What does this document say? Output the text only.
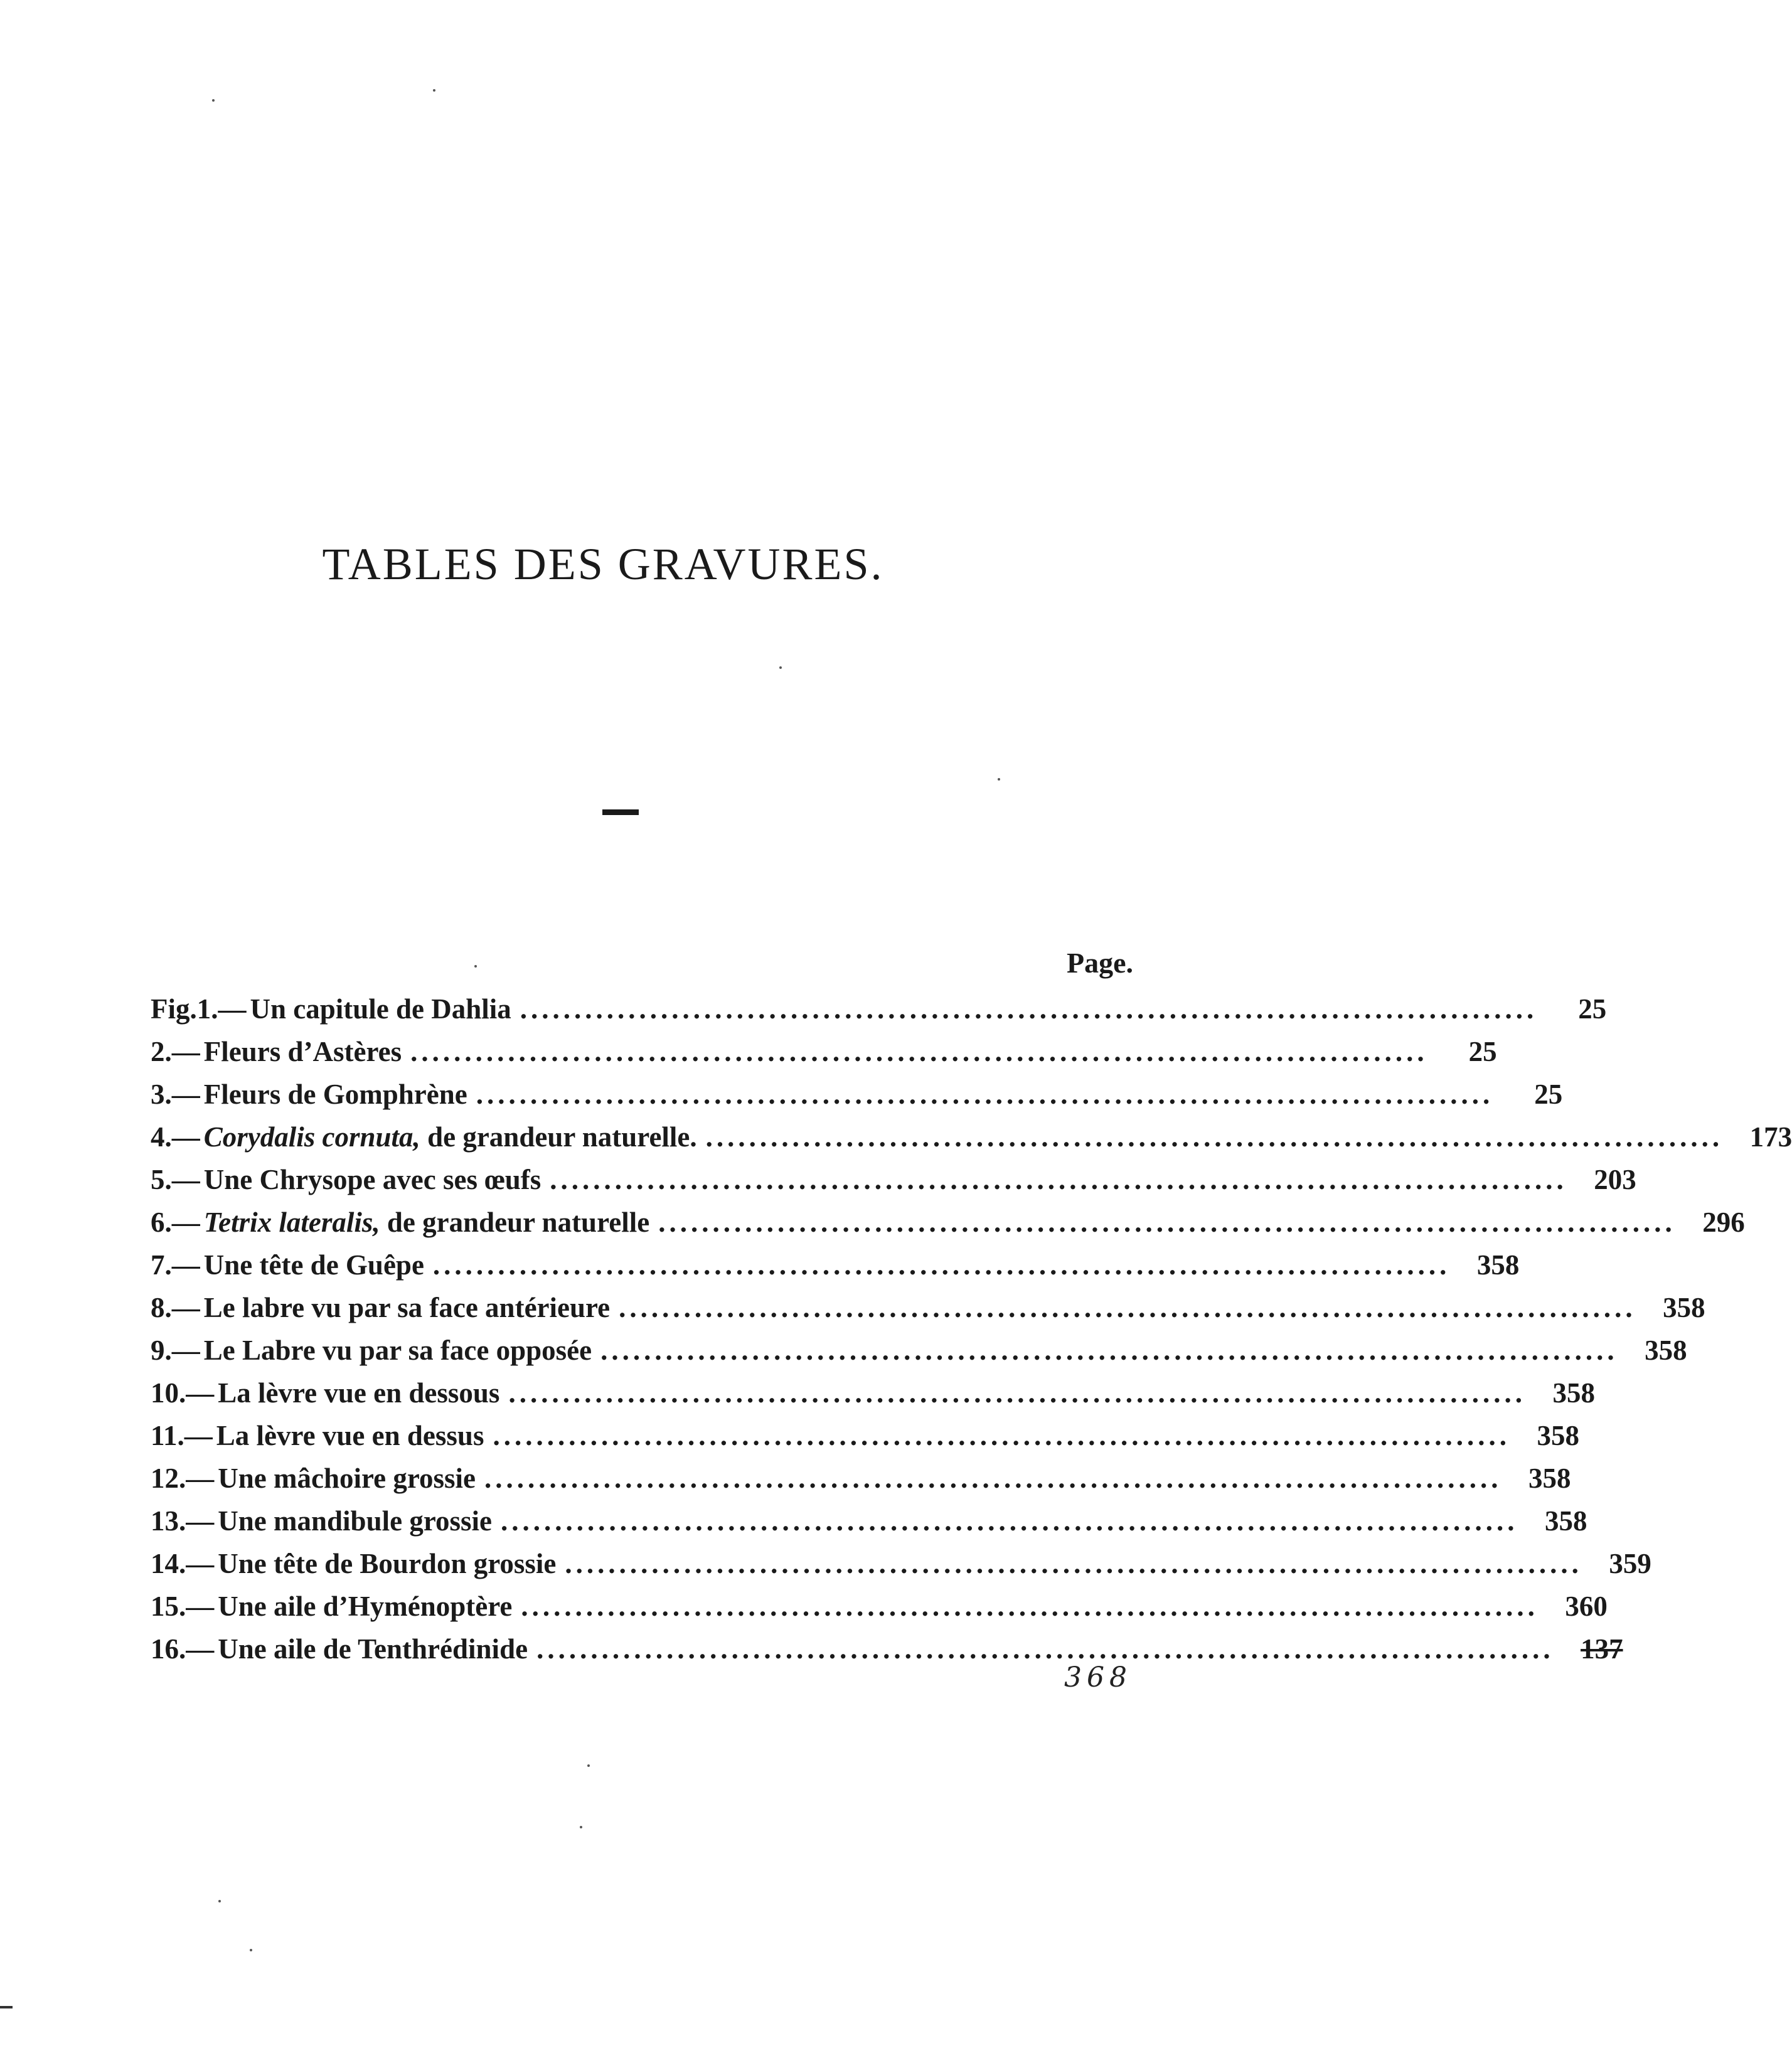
TABLES DES GRAVURES.
Page.
Fig. 1. — Un capitule de Dahlia ..............................................................................................	25
2. — Fleurs d’Astères ..............................................................................................	25
3. — Fleurs de Gomphrène ..............................................................................................	25
4. — Corydalis cornuta, de grandeur naturelle. .............................................................................................. 173
5. — Une Chrysope avec ses œufs .............................................................................................. 203
6. — Tetrix lateralis, de grandeur naturelle .............................................................................................. 296
7. — Une tête de Guêpe .............................................................................................. 358
8. — Le labre vu par sa face antérieure .............................................................................................. 358
9. — Le Labre vu par sa face opposée .............................................................................................. 358
10. — La lèvre vue en dessous .............................................................................................. 358
11. — La lèvre vue en dessus .............................................................................................. 358
12. — Une mâchoire grossie .............................................................................................. 358
13. — Une mandibule grossie .............................................................................................. 358
14. — Une tête de Bourdon grossie .............................................................................................. 359
15. — Une aile d’Hyménoptère .............................................................................................. 360
16. — Une aile de Tenthrédinide .............................................................................................. 137
368
